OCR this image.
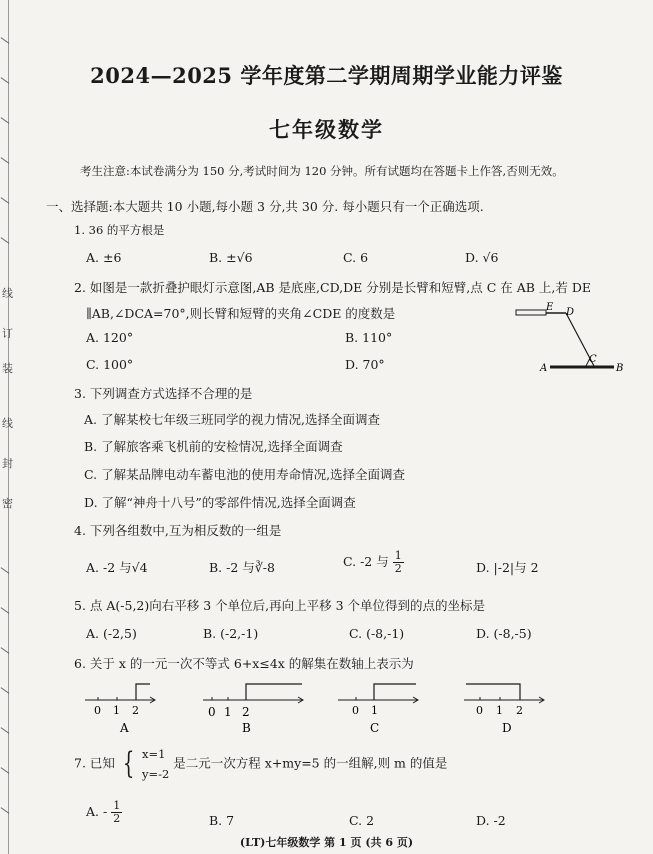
线
订
装
线
封
密
2024—2025 学年度第二学期周期学业能力评鉴
七年级数学
考生注意:本试卷满分为 150 分,考试时间为 120 分钟。所有试题均在答题卡上作答,否则无效。
一、选择题:本大题共 10 小题,每小题 3 分,共 30 分. 每小题只有一个正确选项.
1. 36 的平方根是
A. ±6	B. ±√6	C. 6	D. √6
2. 如图是一款折叠护眼灯示意图,AB 是底座,CD,DE 分别是长臂和短臂,点 C 在 AB 上,若 DE
∥AB,∠DCA=70°,则长臂和短臂的夹角∠CDE 的度数是
A. 120°	B. 110°
C. 100°	D. 70°
E D
C
A	B
3. 下列调查方式选择不合理的是
A. 了解某校七年级三班同学的视力情况,选择全面调查
B. 了解旅客乘飞机前的安检情况,选择全面调查
C. 了解某品牌电动车蓄电池的使用寿命情况,选择全面调查
D. 了解“神舟十八号”的零部件情况,选择全面调查
4. 下列各组数中,互为相反数的一组是
A. -2 与√4	B. -2 与∛-8	C. -2 与 $\frac{1}{2}$	D. |-2|与 2
5. 点 A(-5,2)向右平移 3 个单位后,再向上平移 3 个单位得到的点的坐标是
A. (-2,5)	B. (-2,-1)	C. (-8,-1)	D. (-8,-5)
6. 关于 x 的一元一次不等式 6+x≤4x 的解集在数轴上表示为
0 1 2
A
0 1 2
B
0 1
C
0 1 2
D
7. 已知 { x=1
y=-2
是二元一次方程 x+my=5 的一组解,则 m 的值是
A. - $\frac{1}{2}$	B. 7	C. 2	D. -2
(LT)七年级数学 第 1 页 (共 6 页)
